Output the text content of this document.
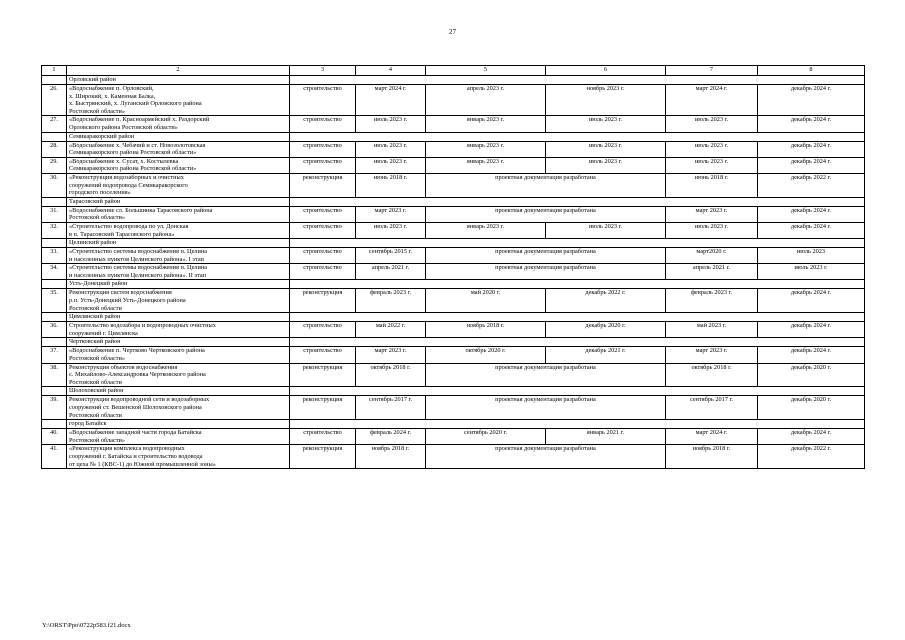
27
1	2	3	4	5	6	7	8
	Орловский район						
26.	«Водоснабжение п. Орловский,
х. Широкий, х. Каменная Балка,
х. Быстрянский, х. Луганский Орловского района
Ростовской области»	строительство	март 2024 г.	апрель 2023 г.	ноябрь 2023 г.	март 2024 г.	декабрь 2024 г.
27.	«Водоснабжение п. Красноармейский х. Раздорский
Орловского района Ростовской области»	строительство	июль 2023 г.	январь 2023 г.	июль 2023 г.	июль 2023 г.	декабрь 2024 г.
	Семикаракорский район						
28.	«Водоснабжение х. Чебачий и ст. Новозолотовская
Семикаракорского района Ростовской области»	строительство	июль 2023 г.	январь 2023 г.	июль 2023 г.	июль 2023 г.	декабрь 2024 г.
29.	«Водоснабжение х. Сусат, х. Костылевка
Семикаракорского района Ростовской области»	строительство	июль 2023 г.	январь 2023 г.	июль 2023 г.	июль 2023 г.	декабрь 2024 г.
30.	«Реконструкция водозаборных и очистных
сооружений водопровода Семикаракорского
городского поселения»	реконструкция	июнь 2018 г.	проектная документация разработана		июнь 2018 г.	декабрь 2022 г.
	Тарасовский район						
31.	«Водоснабжение сл. Большинка Тарасовского района
Ростовской области»	строительство	март 2023 г.	проектная документация разработана		март 2023 г.	декабрь 2024 г.
32.	«Строительство водопровода по ул. Донская
в п. Тарасовский Тарасовского района»	строительство	июль 2023 г.	январь 2023 г.	июль 2023 г.	июль 2023 г.	декабрь 2024 г.
	Целинский район						
33.	«Строительство системы водоснабжения п. Целина
и населенных пунктов Целинского района». I этап	строительство	сентябрь 2015 г.	проектная документация разработана		март2020 г.	июль 2023
34.	«Строительство системы водоснабжения п. Целина
и населенных пунктов Целинского района». II этап	строительство	апрель 2021 г.	проектная документация разработана		апрель 2021 г.	июль 2023 г.
	Усть-Донецкий район						
35.	Реконструкция систем водоснабжения
р.п. Усть-Донецкий Усть-Донецкого района
Ростовской области	реконструкция	февраль 2023 г.	май 2020 г.	декабрь 2022 г.	февраль 2023 г.	декабрь 2024 г.
	Цимлянский район						
36.	Строительство водозабора и водопроводных очистных
сооружений г. Цимлянска	строительство	май 2022 г.	ноябрь 2018 г.	декабрь 2020 г.	май 2023 г.	декабрь 2024 г.
	Чертковский район						
37.	«Водоснабжение п. Чертково Чертковского района
Ростовской области»	строительство	март 2023 г.	октябрь 2020 г.	декабрь 2021 г.	март 2023 г.	декабрь 2024 г.
38.	Реконструкция объектов водоснабжения
с. Михайлово-Александровка Чертковского района
Ростовской области	реконструкция	октябрь 2018 г.	проектная документация разработана		октябрь 2018 г.	декабрь 2020 г.
	Шолоховский район						
39.	Реконструкция водопроводной сети и водозаборных
сооружений ст. Вешенской Шолоховского района
Ростовской области	реконструкция	сентябрь 2017 г.	проектная документация разработана		сентябрь 2017 г.	декабрь 2020 г.
	город Батайск						
40.	«Водоснабжение западной части города Батайска
Ростовской области»	строительство	февраль 2024 г.	сентябрь 2020 г.	январь 2021 г.	март 2024 г.	декабрь 2024 г.
41.	«Реконструкция комплекса водопроводных
сооружений г. Батайска и строительство водовода
от цеха № 1 (КВС-1) до Южной промышленной зоны»	реконструкция	ноябрь 2018 г.	проектная документация разработана		ноябрь 2018 г.	декабрь 2022 г.
Y:\ORST\Ppo\0722p583.f21.docx
